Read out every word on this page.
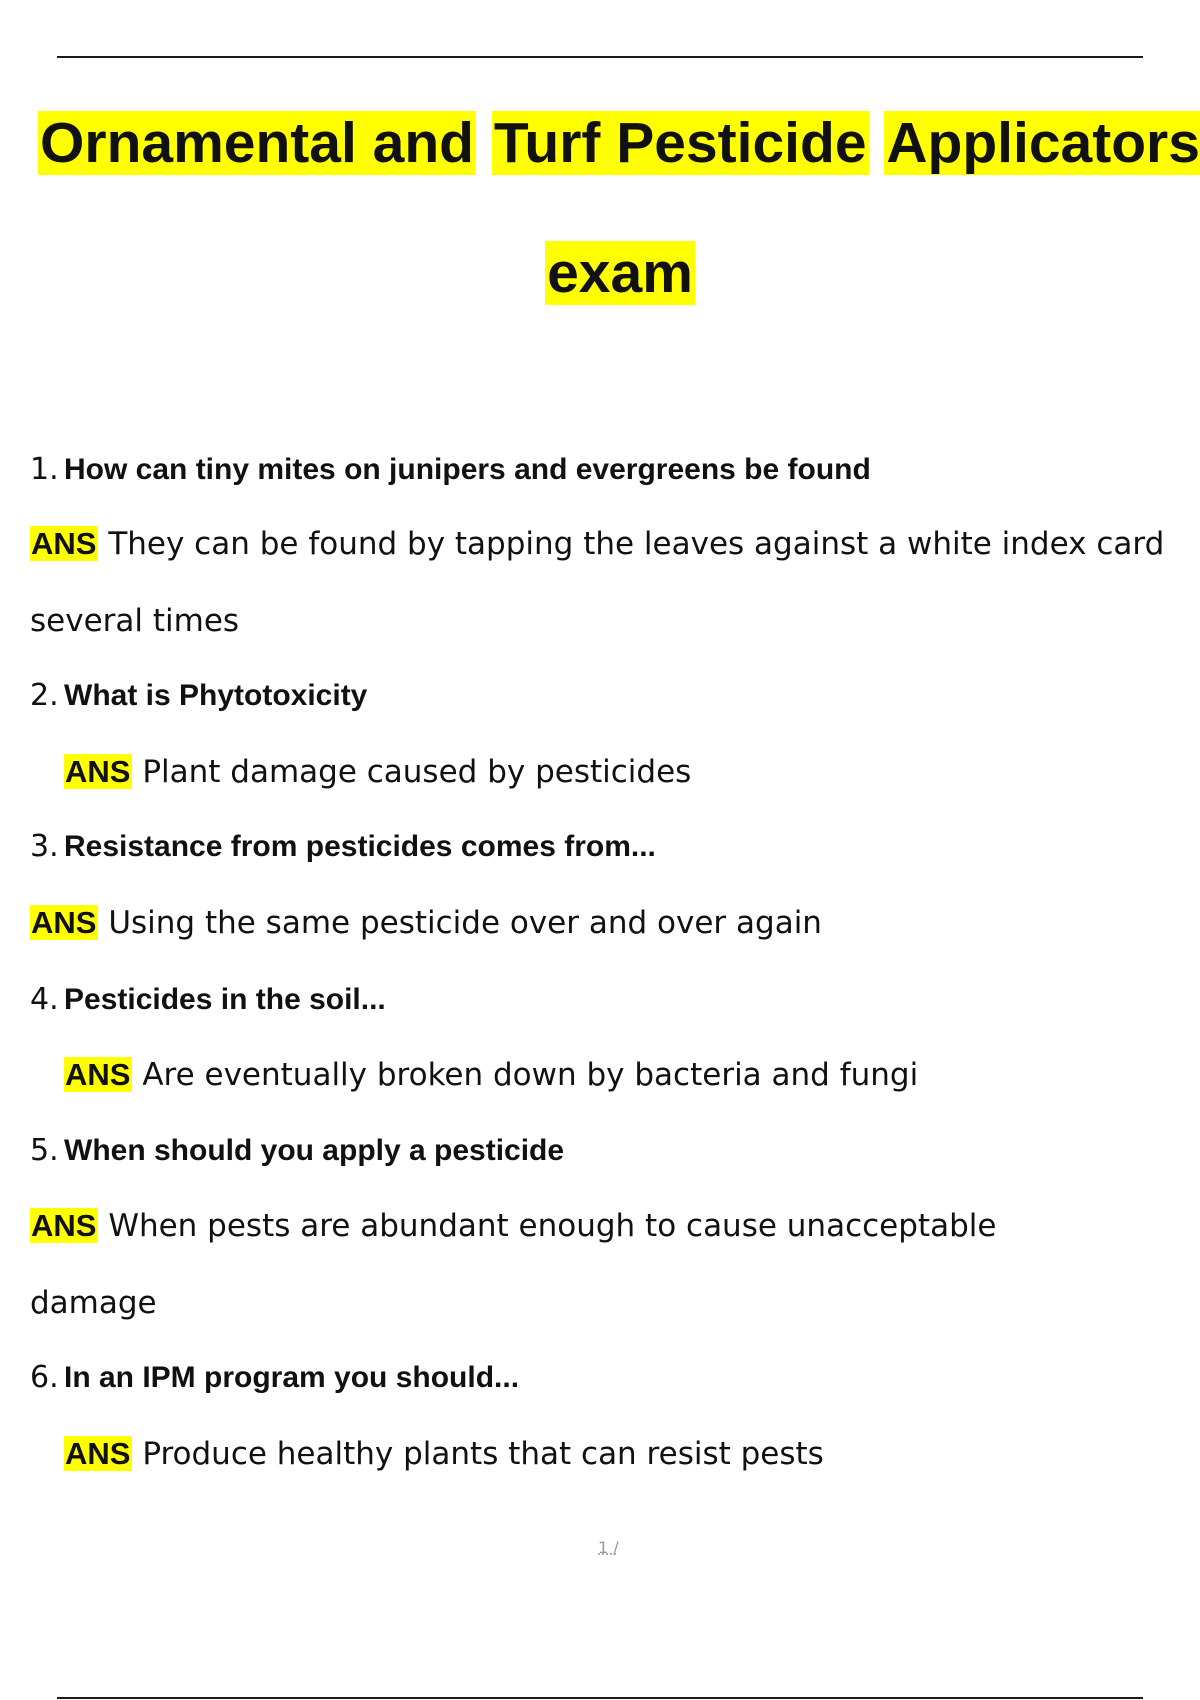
Ornamental and Turf Pesticide Applicators
exam
1. How can tiny mites on junipers and evergreens be found
ANS They can be found by tapping the leaves against a white index card
several times
2. What is Phytotoxicity
ANS Plant damage caused by pesticides
3. Resistance from pesticides comes from...
ANS Using the same pesticide over and over again
4. Pesticides in the soil...
ANS Are eventually broken down by bacteria and fungi
5. When should you apply a pesticide
ANS When pests are abundant enough to cause unacceptable
damage
6. In an IPM program you should...
ANS Produce healthy plants that can resist pests
1 /
